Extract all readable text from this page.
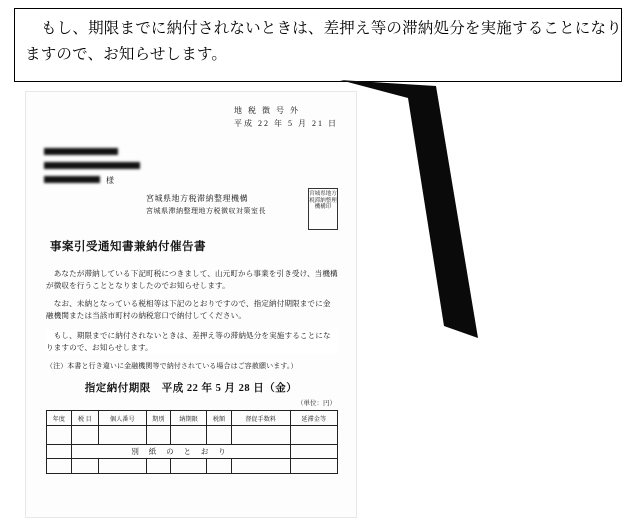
もし、期限までに納付されないときは、差押え等の滞納処分を実施することになり
ますので、お知らせします。
地 税 徴 号 外
平成 22 年 5 月 21 日
様
宮城県地方税滞納整理機構
宮城県滞納整理地方税徴収対策室長
宮城県地方税滞納整理機構印
事案引受通知書兼納付催告書
　あなたが滞納している下記町税につきまして、山元町から事業を引き受け、当機構が徴収を行うこととなりましたのでお知らせします。
　なお、未納となっている税相等は下記のとおりですので、指定納付期限までに金融機関または当該市町村の納税窓口で納付してください。
　もし、期限までに納付されないときは、差押え等の滞納処分を実施することになりますので、お知らせします。
（注）本書と行き違いに金融機関等で納付されている場合はご容赦願います。）
指定納付期限　平成 22 年 5 月 28 日（金）
（単位：円）
年度	税 目	個人番号	期別	納期限	税額	督促手数料	延滞金等

	別 紙 の と お り						
